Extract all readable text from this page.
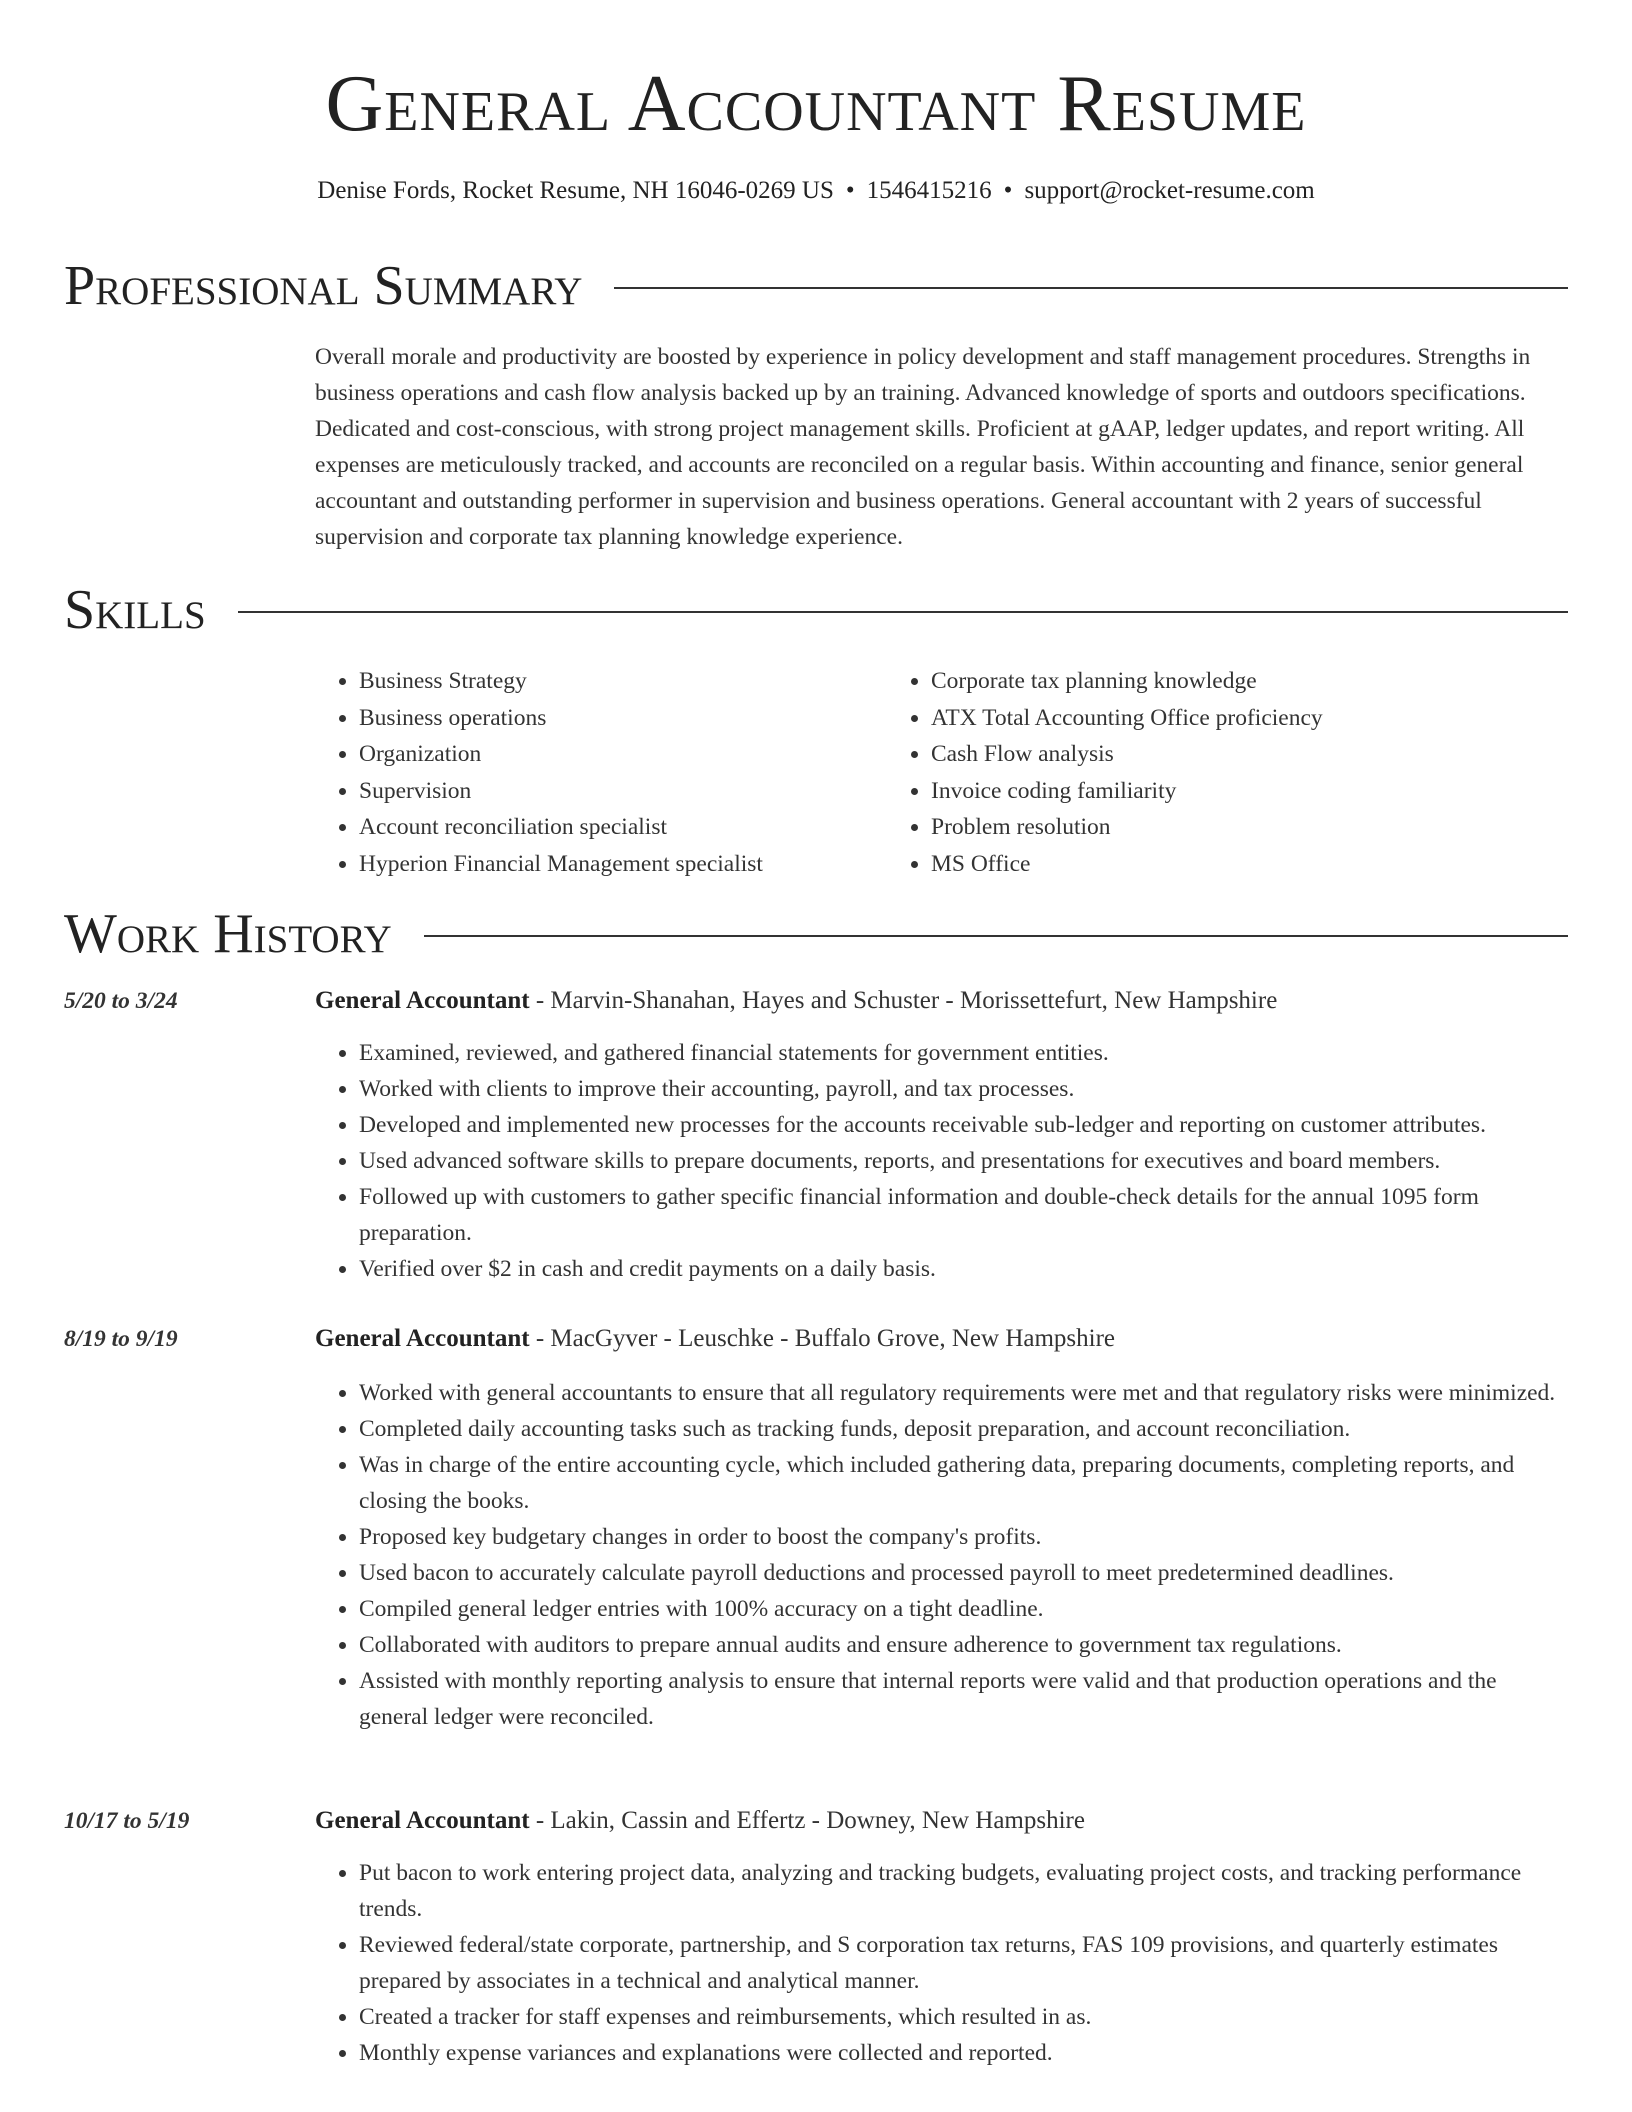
General Accountant Resume
Denise Fords, Rocket Resume, NH 16046-0269 US • 1546415216 • support@rocket-resume.com
Professional Summary

Overall morale and productivity are boosted by experience in policy development and staff management procedures. Strengths in business operations and cash flow analysis backed up by an training. Advanced knowledge of sports and outdoors specifications. Dedicated and cost-conscious, with strong project management skills. Proficient at gAAP, ledger updates, and report writing. All expenses are meticulously tracked, and accounts are reconciled on a regular basis. Within accounting and finance, senior general accountant and outstanding performer in supervision and business operations. General accountant with 2 years of successful supervision and corporate tax planning knowledge experience.

Skills
• Business Strategy
• Business operations
• Organization
• Supervision
• Account reconciliation specialist
• Hyperion Financial Management specialist
• Corporate tax planning knowledge
• ATX Total Accounting Office proficiency
• Cash Flow analysis
• Invoice coding familiarity
• Problem resolution
• MS Office
Work History
5/20 to 3/24	General Accountant - Marvin-Shanahan, Hayes and Schuster - Morissettefurt, New Hampshire
• Examined, reviewed, and gathered financial statements for government entities.
• Worked with clients to improve their accounting, payroll, and tax processes.
• Developed and implemented new processes for the accounts receivable sub-ledger and reporting on customer attributes.
• Used advanced software skills to prepare documents, reports, and presentations for executives and board members.
• Followed up with customers to gather specific financial information and double-check details for the annual 1095 form preparation.
• Verified over $2 in cash and credit payments on a daily basis.
8/19 to 9/19	General Accountant - MacGyver - Leuschke - Buffalo Grove, New Hampshire
• Worked with general accountants to ensure that all regulatory requirements were met and that regulatory risks were minimized.
• Completed daily accounting tasks such as tracking funds, deposit preparation, and account reconciliation.
• Was in charge of the entire accounting cycle, which included gathering data, preparing documents, completing reports, and closing the books.
• Proposed key budgetary changes in order to boost the company's profits.
• Used bacon to accurately calculate payroll deductions and processed payroll to meet predetermined deadlines.
• Compiled general ledger entries with 100% accuracy on a tight deadline.
• Collaborated with auditors to prepare annual audits and ensure adherence to government tax regulations.
• Assisted with monthly reporting analysis to ensure that internal reports were valid and that production operations and the general ledger were reconciled.
10/17 to 5/19	General Accountant - Lakin, Cassin and Effertz - Downey, New Hampshire
• Put bacon to work entering project data, analyzing and tracking budgets, evaluating project costs, and tracking performance trends.
• Reviewed federal/state corporate, partnership, and S corporation tax returns, FAS 109 provisions, and quarterly estimates prepared by associates in a technical and analytical manner.
• Created a tracker for staff expenses and reimbursements, which resulted in as.
• Monthly expense variances and explanations were collected and reported.
